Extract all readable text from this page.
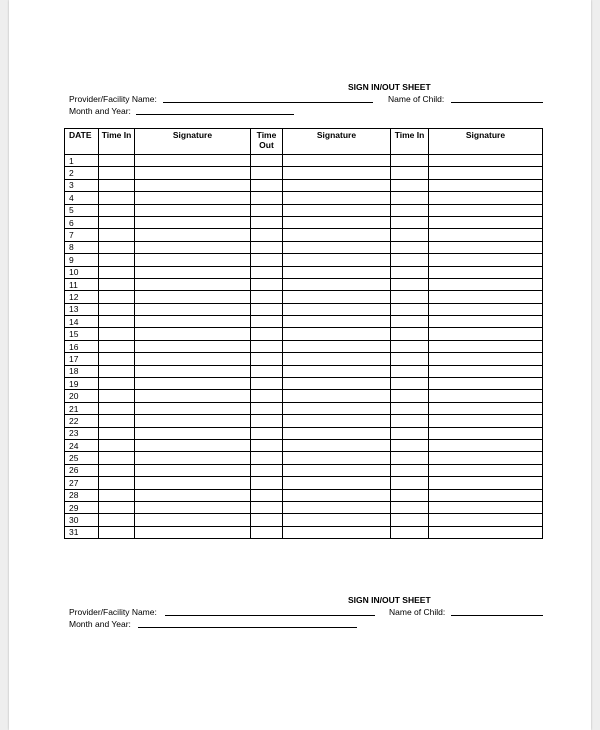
SIGN IN/OUT SHEET
Provider/Facility Name:	Name of Child:
Month and Year:
DATE	Time In	Signature	Time Out	Signature	Time In	Signature
1						
2						
3						
4						
5						
6						
7						
8						
9						
10						
11						
12						
13						
14						
15						
16						
17						
18						
19						
20						
21						
22						
23						
24						
25						
26						
27						
28						
29						
30						
31						
SIGN IN/OUT SHEET
Provider/Facility Name:	Name of Child:
Month and Year:
